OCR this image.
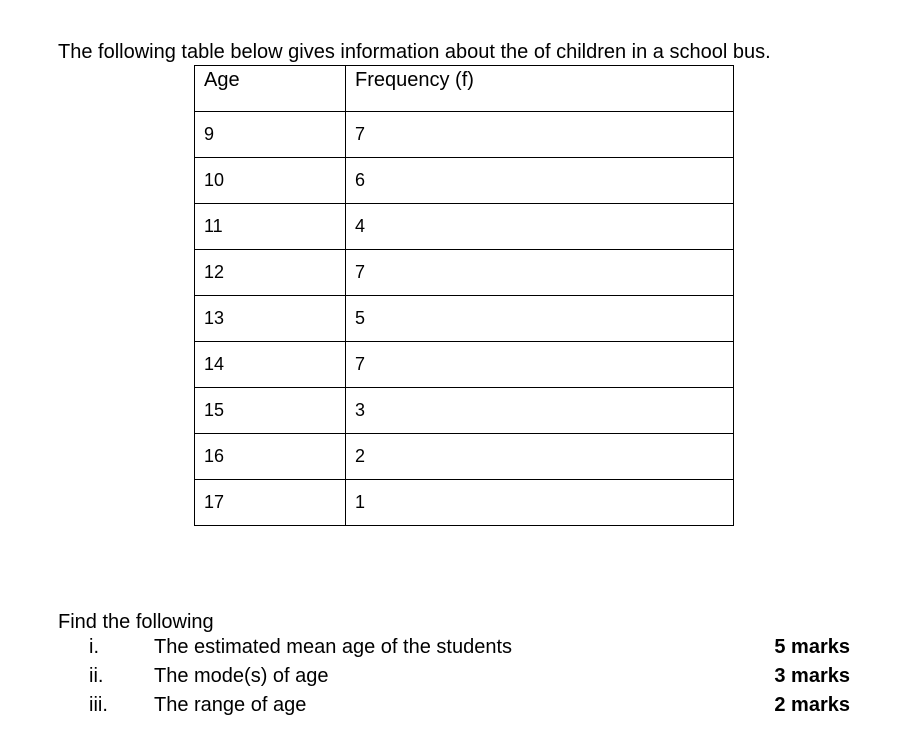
The following table below gives information about the of children in a school bus.

Age	Frequency (f)
9	7
10	6
11	4
12	7
13	5
14	7
15	3
16	2
17	1

Find the following

i.	The estimated mean age of the students	5 marks
ii.	The mode(s) of age	3 marks
iii. The range of age	2 marks
